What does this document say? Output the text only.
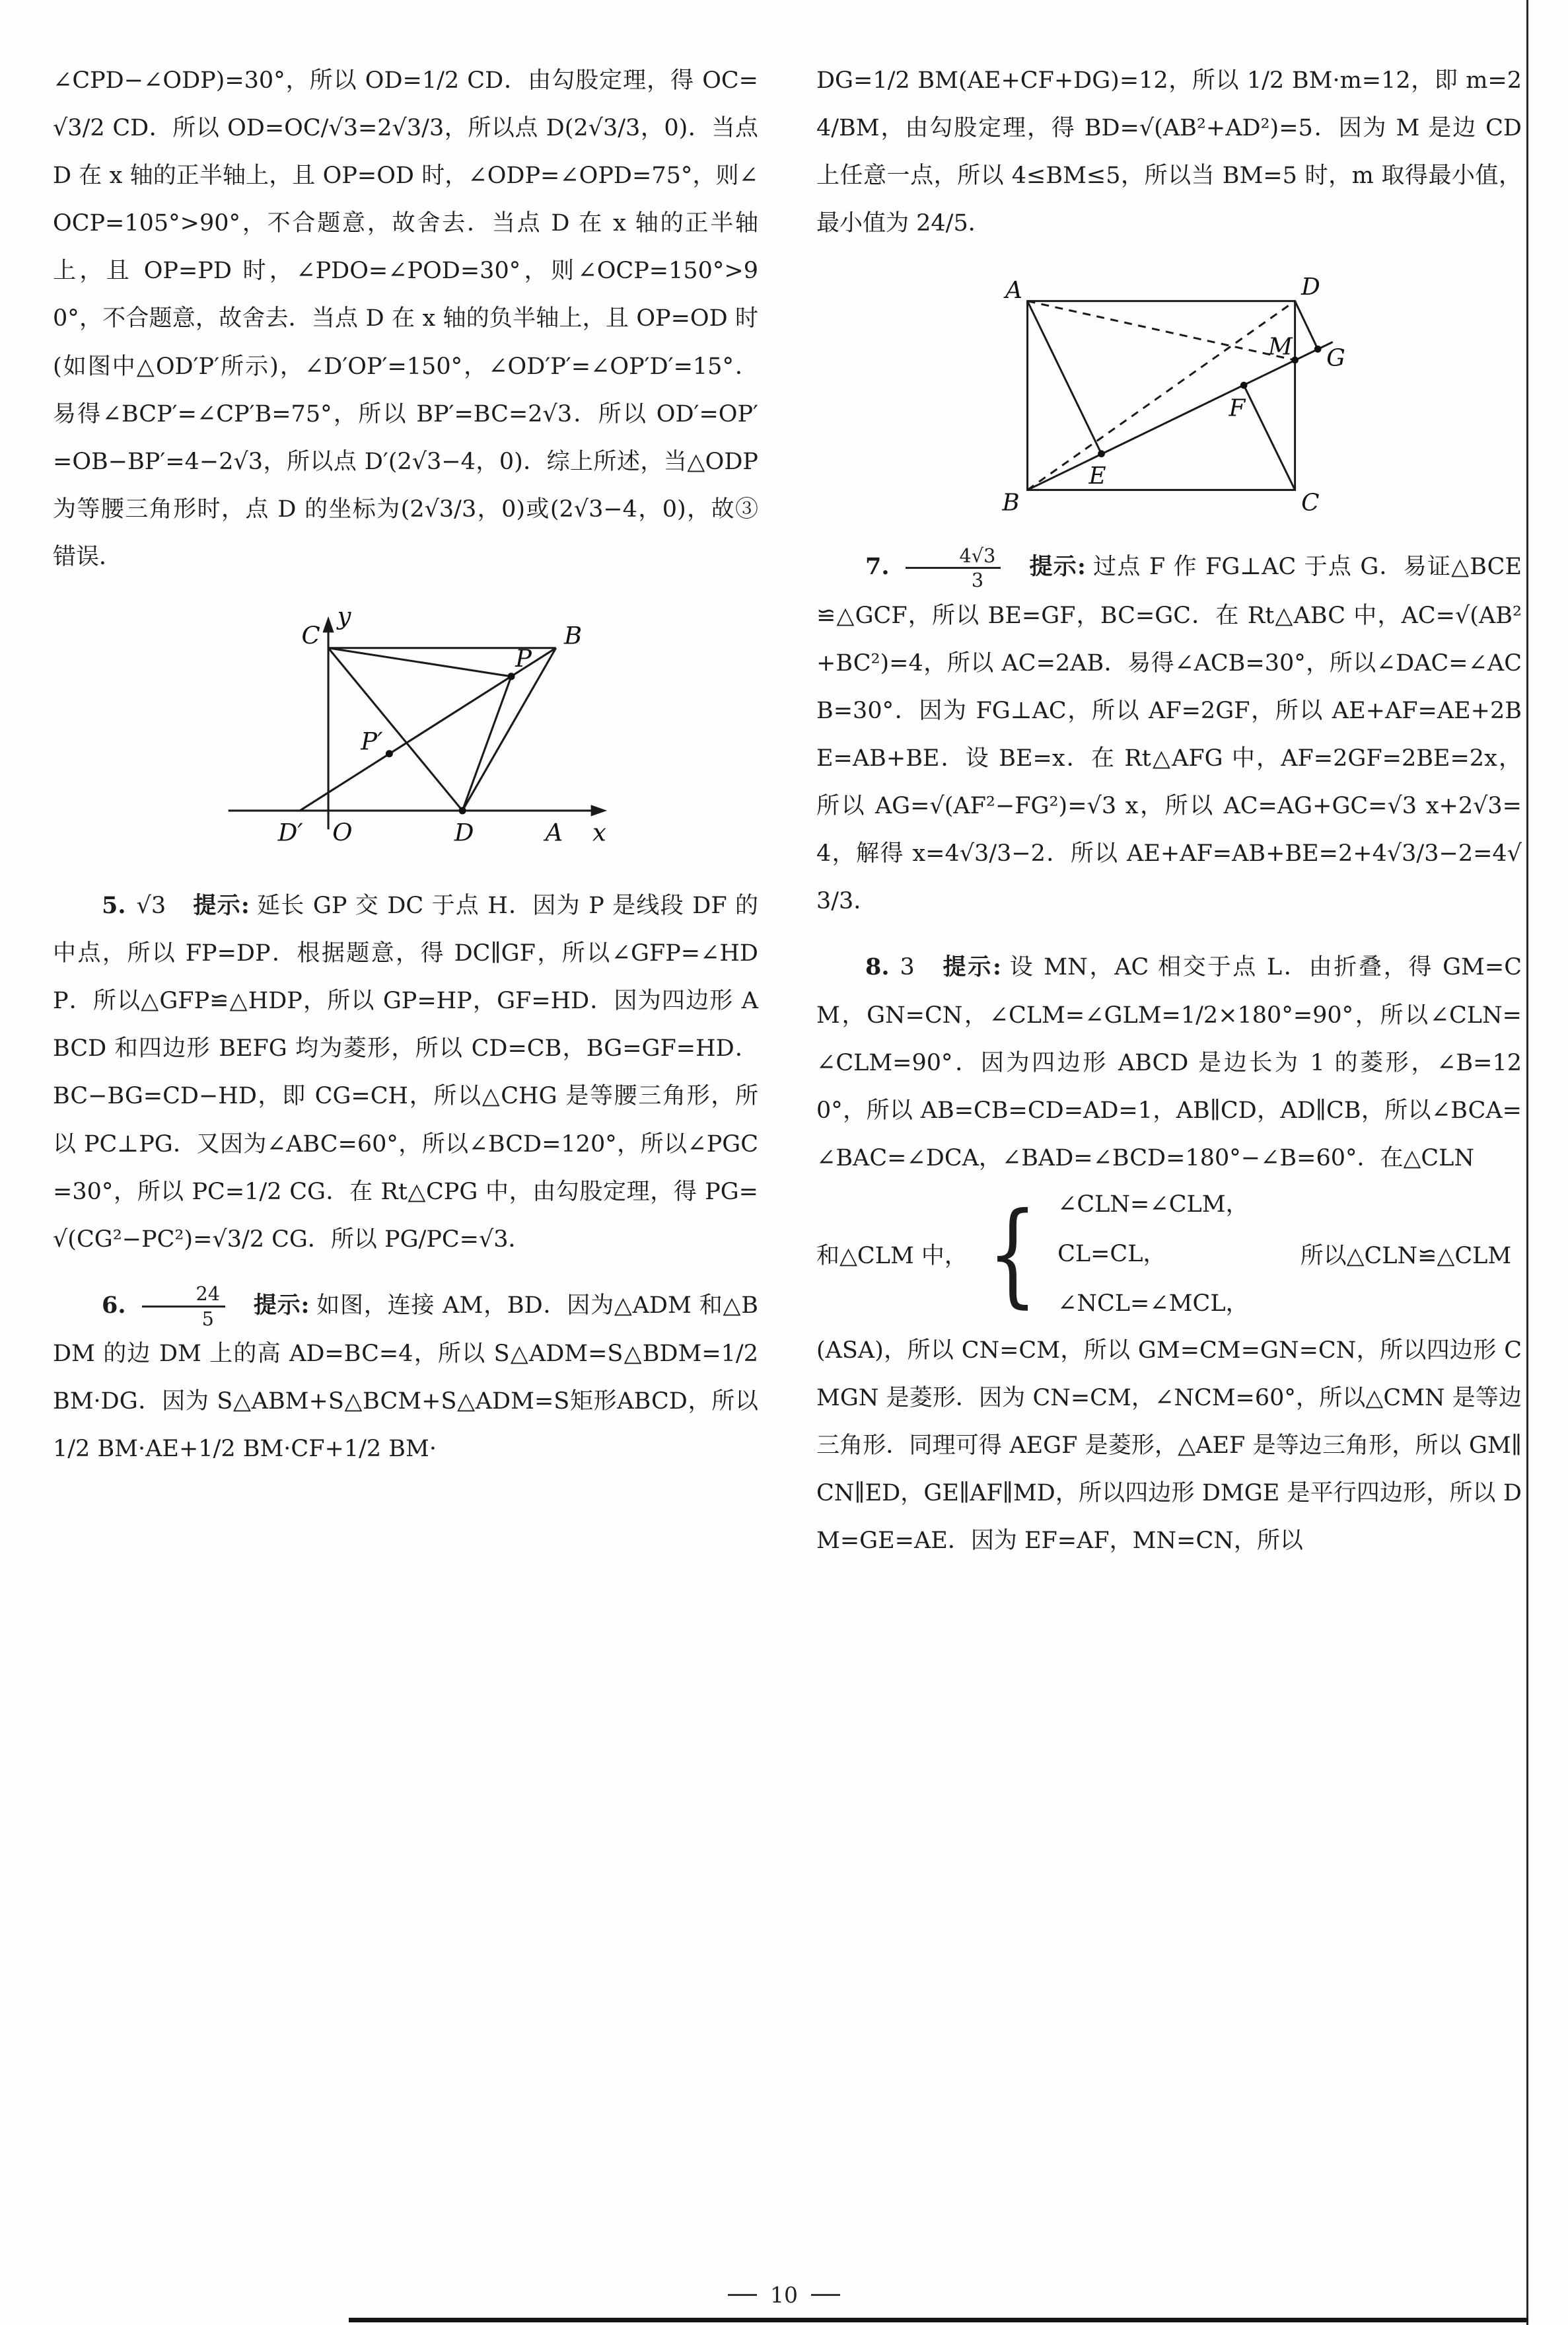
∠CPD−∠ODP)=30°，所以 OD=1/2 CD．由勾股定理，得 OC=√3/2 CD．所以 OD=OC/√3=2√3/3，所以点 D(2√3/3，0)．当点 D 在 x 轴的正半轴上，且 OP=OD 时，∠ODP=∠OPD=75°，则∠OCP=105°>90°，不合题意，故舍去．当点 D 在 x 轴的正半轴上，且 OP=PD 时，∠PDO=∠POD=30°，则∠OCP=150°>90°，不合题意，故舍去．当点 D 在 x 轴的负半轴上，且 OP=OD 时(如图中△OD′P′所示)，∠D′OP′=150°，∠OD′P′=∠OP′D′=15°．易得∠BCP′=∠CP′B=75°，所以 BP′=BC=2√3．所以 OD′=OP′=OB−BP′=4−2√3，所以点 D′(2√3−4，0)．综上所述，当△ODP 为等腰三角形时，点 D 的坐标为(2√3/3，0)或(2√3−4，0)，故③错误．

y
x
C	B
P
P′
D′ O	D	A

5. √3 提示: 延长 GP 交 DC 于点 H．因为 P 是线段 DF 的中点，所以 FP=DP．根据题意，得 DC∥GF，所以∠GFP=∠HDP．所以△GFP≌△HDP，所以 GP=HP，GF=HD．因为四边形 ABCD 和四边形 BEFG 均为菱形，所以 CD=CB，BG=GF=HD．BC−BG=CD−HD，即 CG=CH，所以△CHG 是等腰三角形，所以 PC⊥PG．又因为∠ABC=60°，所以∠BCD=120°，所以∠PGC=30°，所以 PC=1/2 CG．在 Rt△CPG 中，由勾股定理，得 PG=√(CG²−PC²)=√3/2 CG．所以 PG/PC=√3．

6. $\frac{24}{5}$ 提示: 如图，连接 AM，BD．因为△ADM 和△BDM 的边 DM 上的高 AD=BC=4，所以 S△ADM=S△BDM=1/2 BM·DG．因为 S△ABM+S△BCM+S△ADM=S矩形ABCD，所以 1/2 BM·AE+1/2 BM·CF+1/2 BM·

DG=1/2 BM(AE+CF+DG)=12，所以 1/2 BM·m=12，即 m=24/BM，由勾股定理，得 BD=√(AB²+AD²)=5．因为 M 是边 CD 上任意一点，所以 4≤BM≤5，所以当 BM=5 时，m 取得最小值，最小值为 24/5．

A	D
M G
F
E
B	C

7. $\frac{4√3}{3}$ 提示: 过点 F 作 FG⊥AC 于点 G．易证△BCE≌△GCF，所以 BE=GF，BC=GC．在 Rt△ABC 中，AC=√(AB²+BC²)=4，所以 AC=2AB．易得∠ACB=30°，所以∠DAC=∠ACB=30°．因为 FG⊥AC，所以 AF=2GF，所以 AE+AF=AE+2BE=AB+BE．设 BE=x．在 Rt△AFG 中，AF=2GF=2BE=2x，所以 AG=√(AF²−FG²)=√3 x，所以 AC=AG+GC=√3 x+2√3=4，解得 x=4√3/3−2．所以 AE+AF=AB+BE=2+4√3/3−2=4√3/3．

8. 3 提示: 设 MN，AC 相交于点 L．由折叠，得 GM=CM，GN=CN，∠CLM=∠GLM=1/2×180°=90°，所以∠CLN=∠CLM=90°．因为四边形 ABCD 是边长为 1 的菱形，∠B=120°，所以 AB=CB=CD=AD=1，AB∥CD，AD∥CB，所以∠BCA=∠BAC=∠DCA，∠BAD=∠BCD=180°−∠B=60°．在△CLN

和△CLM 中， { ∠CLN=∠CLM，
CL=CL，
∠NCL=∠MCL，
所以△CLN≌△CLM

(ASA)，所以 CN=CM，所以 GM=CM=GN=CN，所以四边形 CMGN 是菱形．因为 CN=CM，∠NCM=60°，所以△CMN 是等边三角形．同理可得 AEGF 是菱形，△AEF 是等边三角形，所以 GM∥CN∥ED，GE∥AF∥MD，所以四边形 DMGE 是平行四边形，所以 DM=GE=AE．因为 EF=AF，MN=CN，所以

10
